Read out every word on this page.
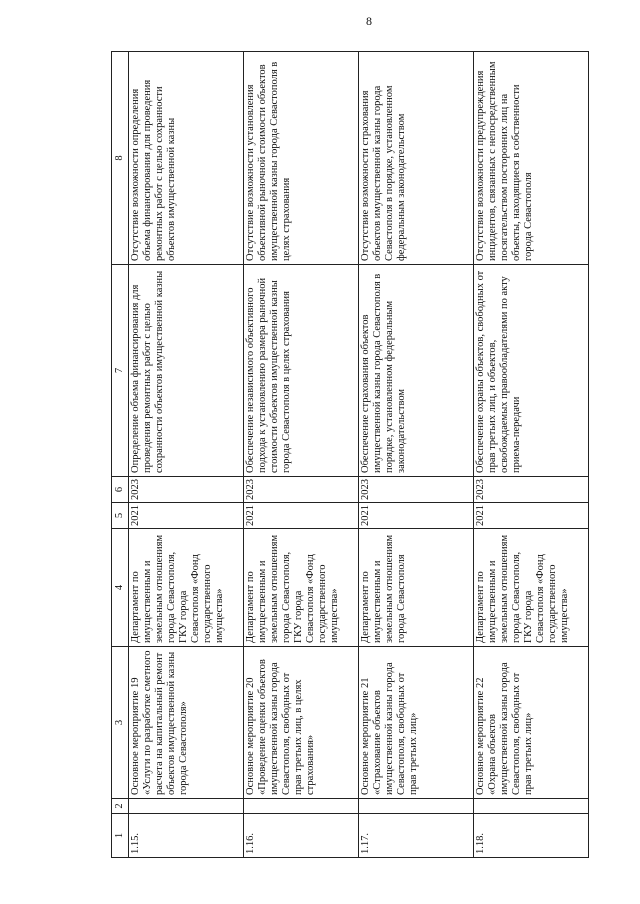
8
1	2	3	4	5	6	7	8
1.15.		Основное мероприятие 19 «Услуги по разработке сметного расчета на капитальный ремонт объектов имущественной казны города Севастополя»	Департамент по имущественным и земельным отношениям города Севастополя, ГКУ города Севастополя «Фонд государственного имущества»	2021	2023	Определение объема финансирования для проведения ремонтных работ с целью сохранности объектов имущественной казны	Отсутствие возможности определения объема финансирования для проведения ремонтных работ с целью сохранности объектов имущественной казны
1.16.		Основное мероприятие 20 «Проведение оценки объектов имущественной казны города Севастополя, свободных от прав третьих лиц, в целях страхования»	Департамент по имущественным и земельным отношениям города Севастополя, ГКУ города Севастополя «Фонд государственного имущества»	2021	2023	Обеспечение независимого объективного подхода к установлению размера рыночной стоимости объектов имущественной казны города Севастополя в целях страхования	Отсутствие возможности установления объективной рыночной стоимости объектов имущественной казны города Севастополя в целях страхования
1.17.		Основное мероприятие 21 «Страхование объектов имущественной казны города Севастополя, свободных от прав третьих лиц»	Департамент по имущественным и земельным отношениям города Севастополя	2021	2023	Обеспечение страхования объектов имущественной казны города Севастополя в порядке, установленном федеральным законодательством	Отсутствие возможности страхования объектов имущественной казны города Севастополя в порядке, установленном федеральным законодательством
1.18.		Основное мероприятие 22 «Охрана объектов имущественной казны города Севастополя, свободных от прав третьих лиц»	Департамент по имущественным и земельным отношениям города Севастополя, ГКУ города Севастополя «Фонд государственного имущества»	2021	2023	Обеспечение охраны объектов, свободных от прав третьих лиц, и объектов, освобождаемых правообладателями по акту приема-передачи	Отсутствие возможности предупреждения инцидентов, связанных с непосредственным посягательством посторонних лиц на объекты, находящиеся в собственности города Севастополя
